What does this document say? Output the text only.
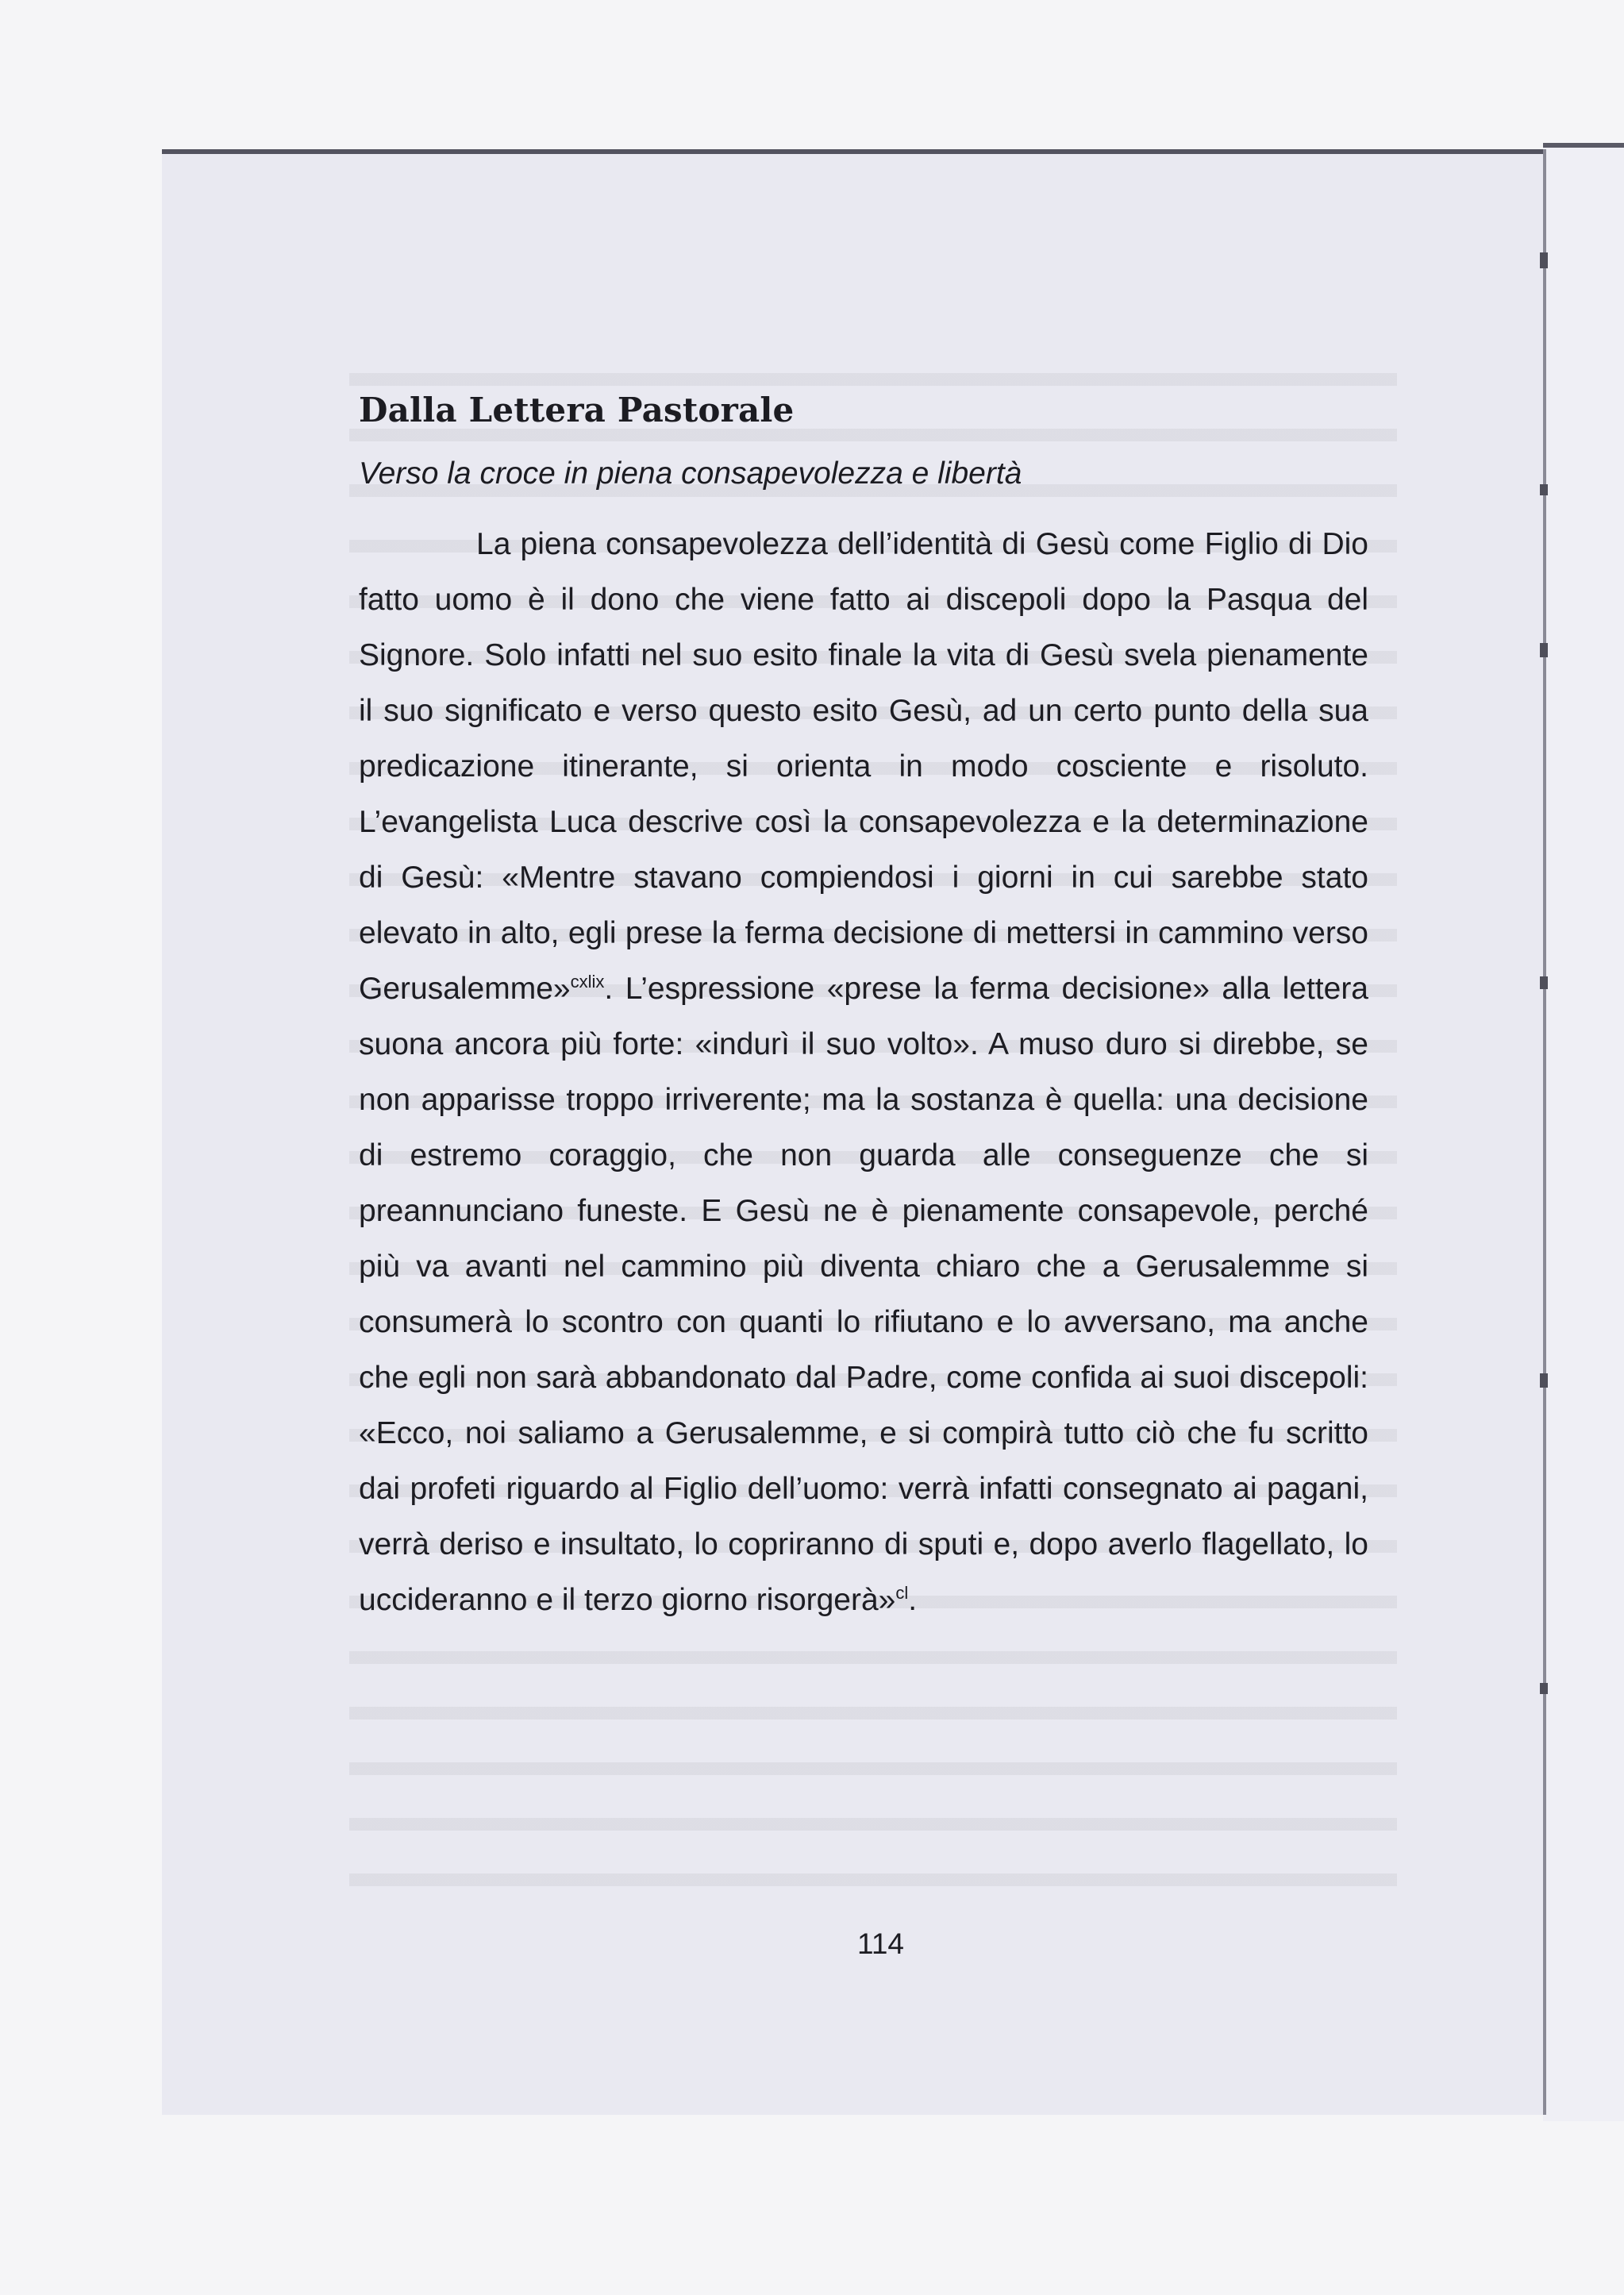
Dalla Lettera Pastorale
Verso la croce in piena consapevolezza e libertà

La piena consapevolezza dell’identità di Gesù come Figlio di Dio fatto uomo è il dono che viene fatto ai discepoli dopo la Pasqua del Signore. Solo infatti nel suo esito finale la vita di Gesù svela pienamente il suo significato e verso questo esito Gesù, ad un certo punto della sua predicazione itinerante, si orienta in modo cosciente e risoluto. L’evangelista Luca descrive così la consapevolezza e la determinazione di Gesù: «Mentre stavano compiendosi i giorni in cui sarebbe stato elevato in alto, egli prese la ferma decisione di mettersi in cammino verso Gerusalemme»$^{cxlix}$. L’espressione «prese la ferma decisione» alla lettera suona ancora più forte: «indurì il suo volto». A muso duro si direbbe, se non apparisse troppo irriverente; ma la sostanza è quella: una decisione di estremo coraggio, che non guarda alle conseguenze che si preannunciano funeste. E Gesù ne è pienamente consapevole, perché più va avanti nel cammino più diventa chiaro che a Gerusalemme si consumerà lo scontro con quanti lo rifiutano e lo avversano, ma anche che egli non sarà abbandonato dal Padre, come confida ai suoi discepoli: «Ecco, noi saliamo a Gerusalemme, e si compirà tutto ciò che fu scritto dai profeti riguardo al Figlio dell’uomo: verrà infatti consegnato ai pagani, verrà deriso e insultato, lo copriranno di sputi e, dopo averlo flagellato, lo uccideranno e il terzo giorno risorgerà»$^{cl}$.

114
